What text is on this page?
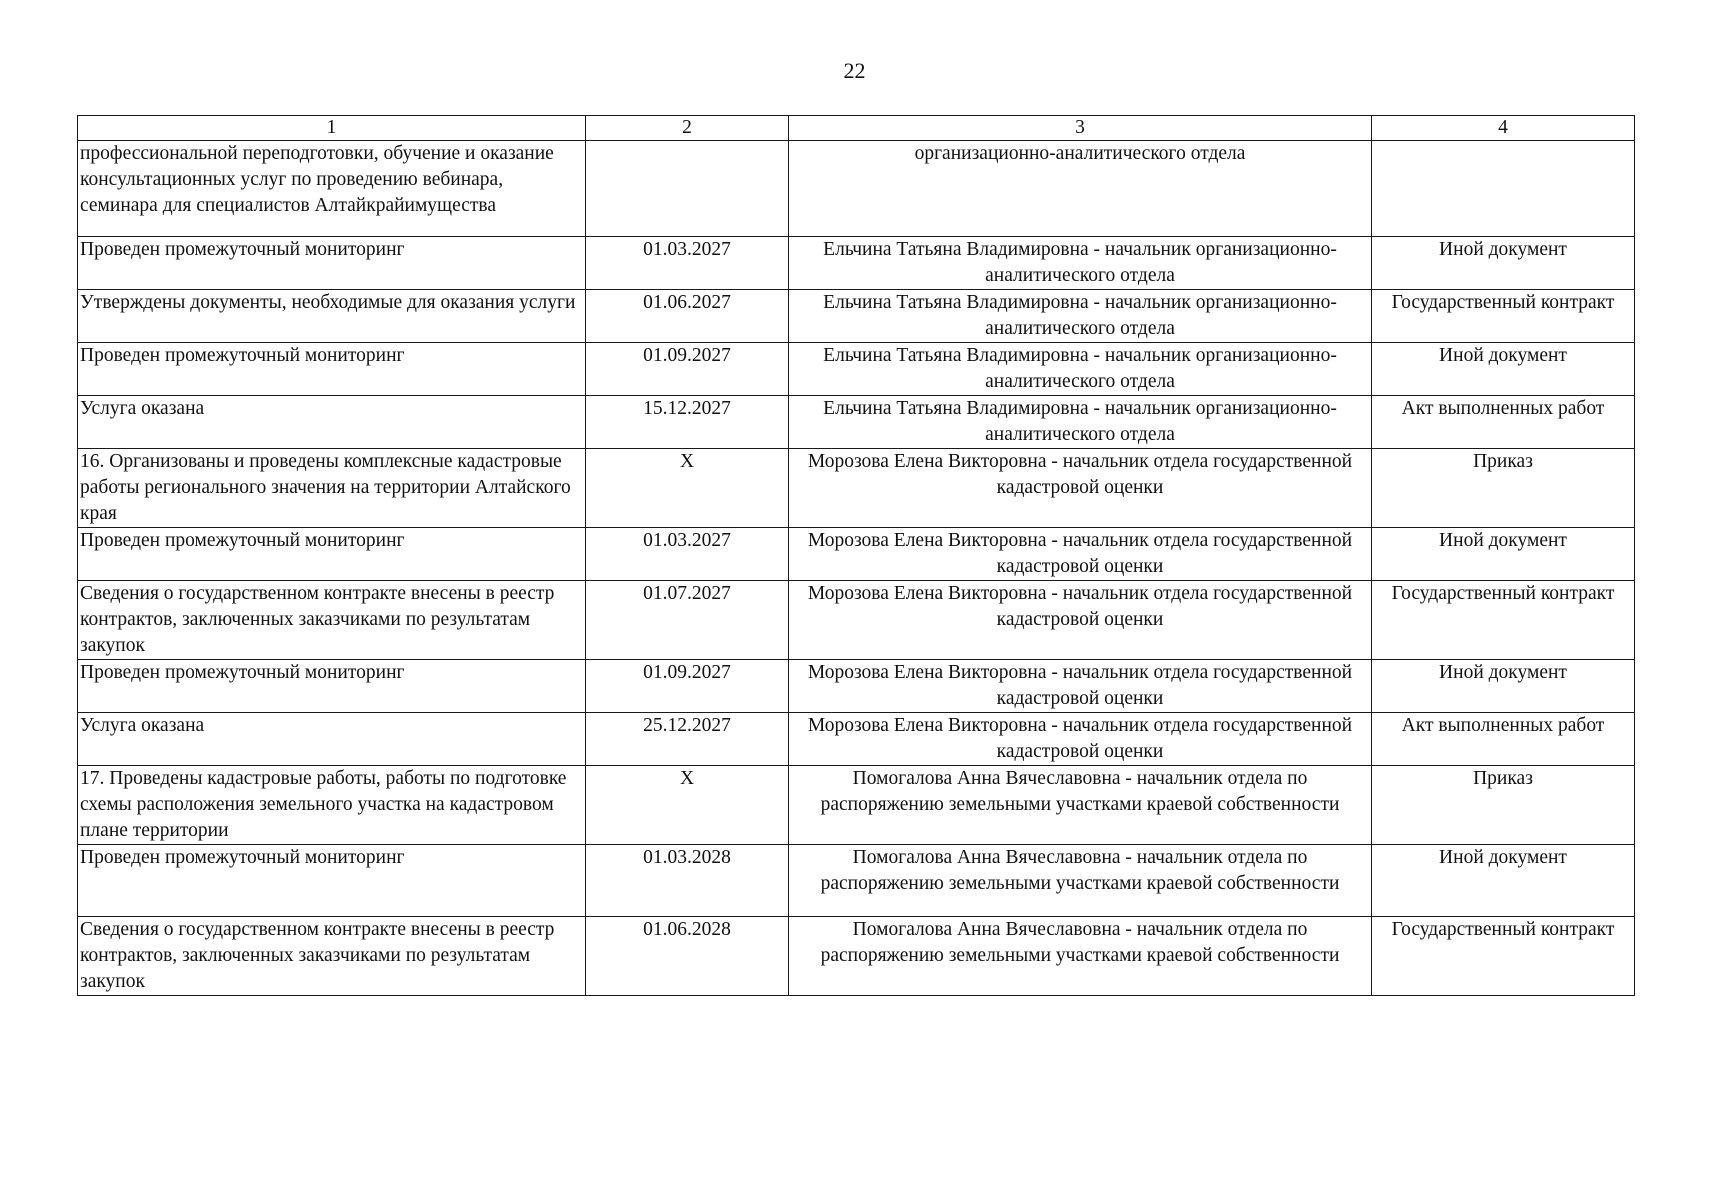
22
1	2	3	4
профессиональной переподготовки, обучение и оказание консультационных услуг по проведению вебинара, семинара для специалистов Алтайкрайимущества		организационно-аналитического отдела	
Проведен промежуточный мониторинг	01.03.2027	Ельчина Татьяна Владимировна - начальник организационно-аналитического отдела	Иной документ
Утверждены документы, необходимые для оказания услуги	01.06.2027	Ельчина Татьяна Владимировна - начальник организационно-аналитического отдела	Государственный контракт
Проведен промежуточный мониторинг	01.09.2027	Ельчина Татьяна Владимировна - начальник организационно-аналитического отдела	Иной документ
Услуга оказана	15.12.2027	Ельчина Татьяна Владимировна - начальник организационно-аналитического отдела	Акт выполненных работ
16. Организованы и проведены комплексные кадастровые работы регионального значения на территории Алтайского края	Х	Морозова Елена Викторовна - начальник отдела государственной кадастровой оценки	Приказ
Проведен промежуточный мониторинг	01.03.2027	Морозова Елена Викторовна - начальник отдела государственной кадастровой оценки	Иной документ
Сведения о государственном контракте внесены в реестр контрактов, заключенных заказчиками по результатам закупок	01.07.2027	Морозова Елена Викторовна - начальник отдела государственной кадастровой оценки	Государственный контракт
Проведен промежуточный мониторинг	01.09.2027	Морозова Елена Викторовна - начальник отдела государственной кадастровой оценки	Иной документ
Услуга оказана	25.12.2027	Морозова Елена Викторовна - начальник отдела государственной кадастровой оценки	Акт выполненных работ
17. Проведены кадастровые работы, работы по подготовке схемы расположения земельного участка на кадастровом плане территории	Х	Помогалова Анна Вячеславовна - начальник отдела по распоряжению земельными участками краевой собственности	Приказ
Проведен промежуточный мониторинг	01.03.2028	Помогалова Анна Вячеславовна - начальник отдела по распоряжению земельными участками краевой собственности	Иной документ
Сведения о государственном контракте внесены в реестр контрактов, заключенных заказчиками по результатам закупок	01.06.2028	Помогалова Анна Вячеславовна - начальник отдела по распоряжению земельными участками краевой собственности	Государственный контракт
